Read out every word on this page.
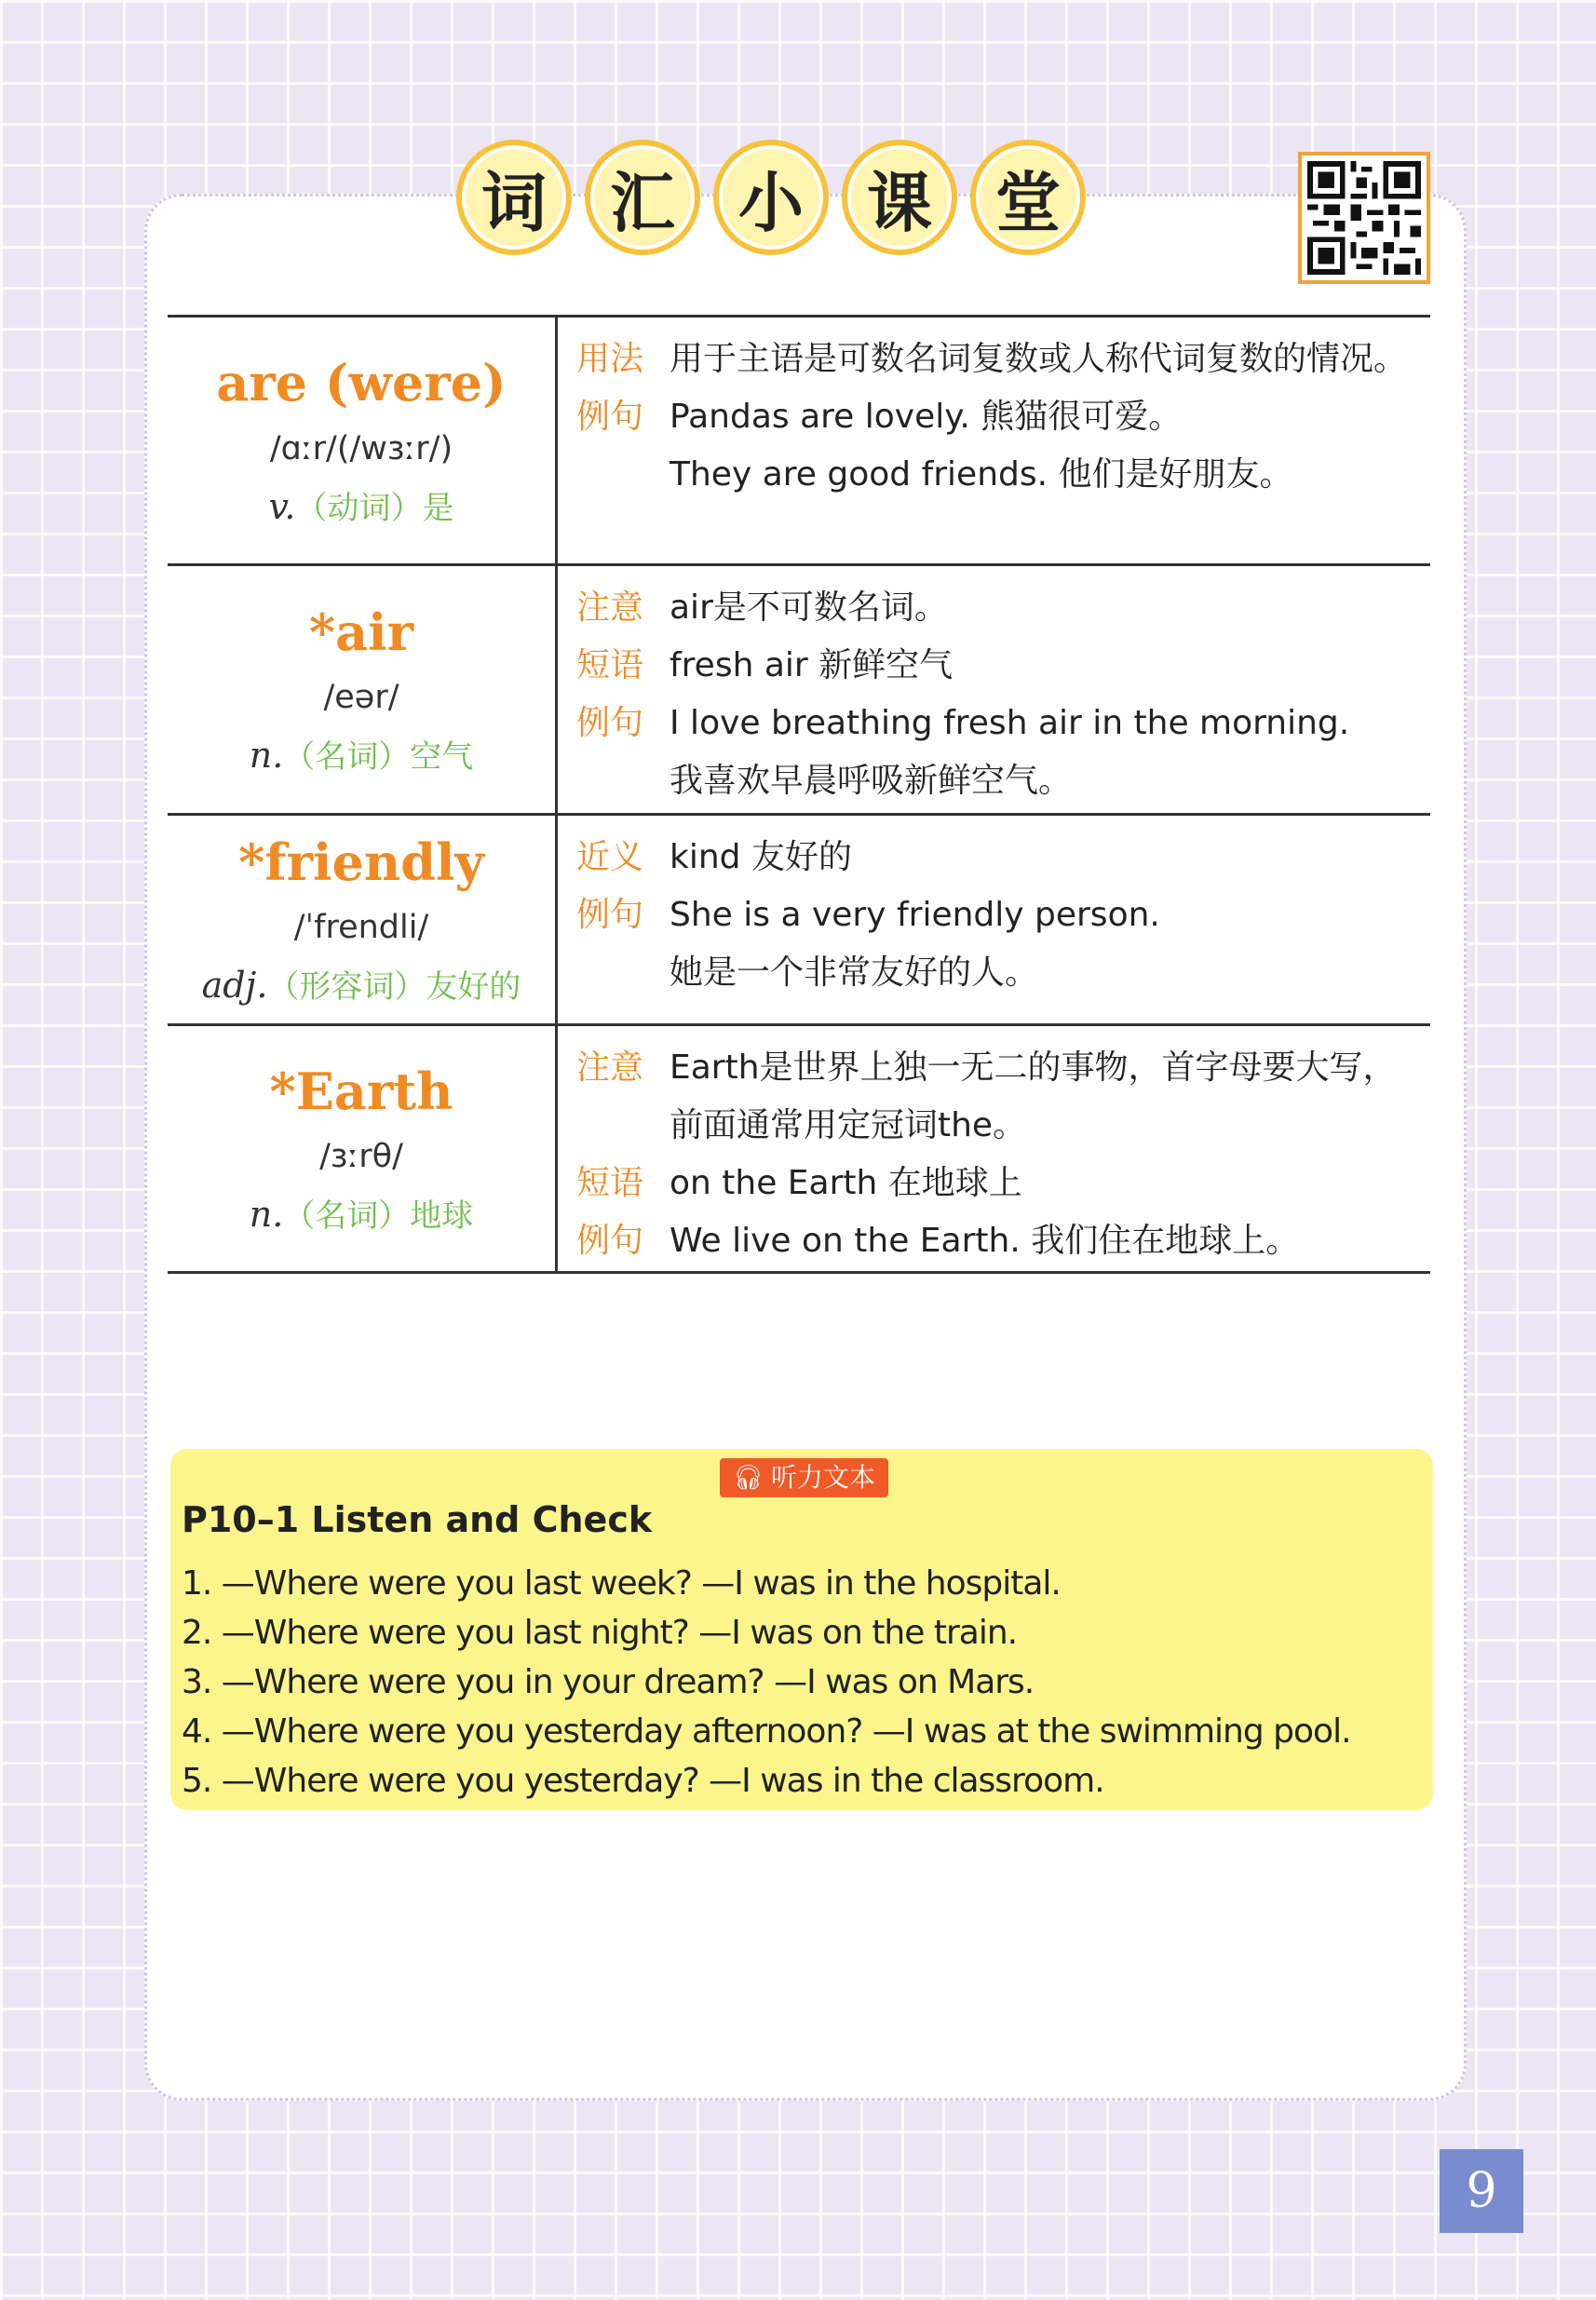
词 汇 小 课 堂
are (were)
/ɑːr/(/wɜːr/)
v.（动词）是
用法 用于主语是可数名词复数或人称代词复数的情况。
例句 Pandas are lovely. 熊猫很可爱。
They are good friends. 他们是好朋友。
*air
/eər/
n.（名词）空气
注意 air是不可数名词。
短语 fresh air 新鲜空气
例句 I love breathing fresh air in the morning.
我喜欢早晨呼吸新鲜空气。
*friendly
/ˈfrendli/
adj.（形容词）友好的
近义 kind 友好的
例句 She is a very friendly person.
她是一个非常友好的人。
*Earth
/ɜːrθ/
n.（名词）地球
注意 Earth是世界上独一无二的事物，首字母要大写，前面通常用定冠词the。
短语 on the Earth 在地球上
例句 We live on the Earth. 我们住在地球上。
🎧︎ 听力文本
P10–1 Listen and Check
1. —Where were you last week? —I was in the hospital.
2. —Where were you last night? —I was on the train.
3. —Where were you in your dream? —I was on Mars.
4. —Where were you yesterday afternoon? —I was at the swimming pool.
5. —Where were you yesterday? —I was in the classroom.
9
